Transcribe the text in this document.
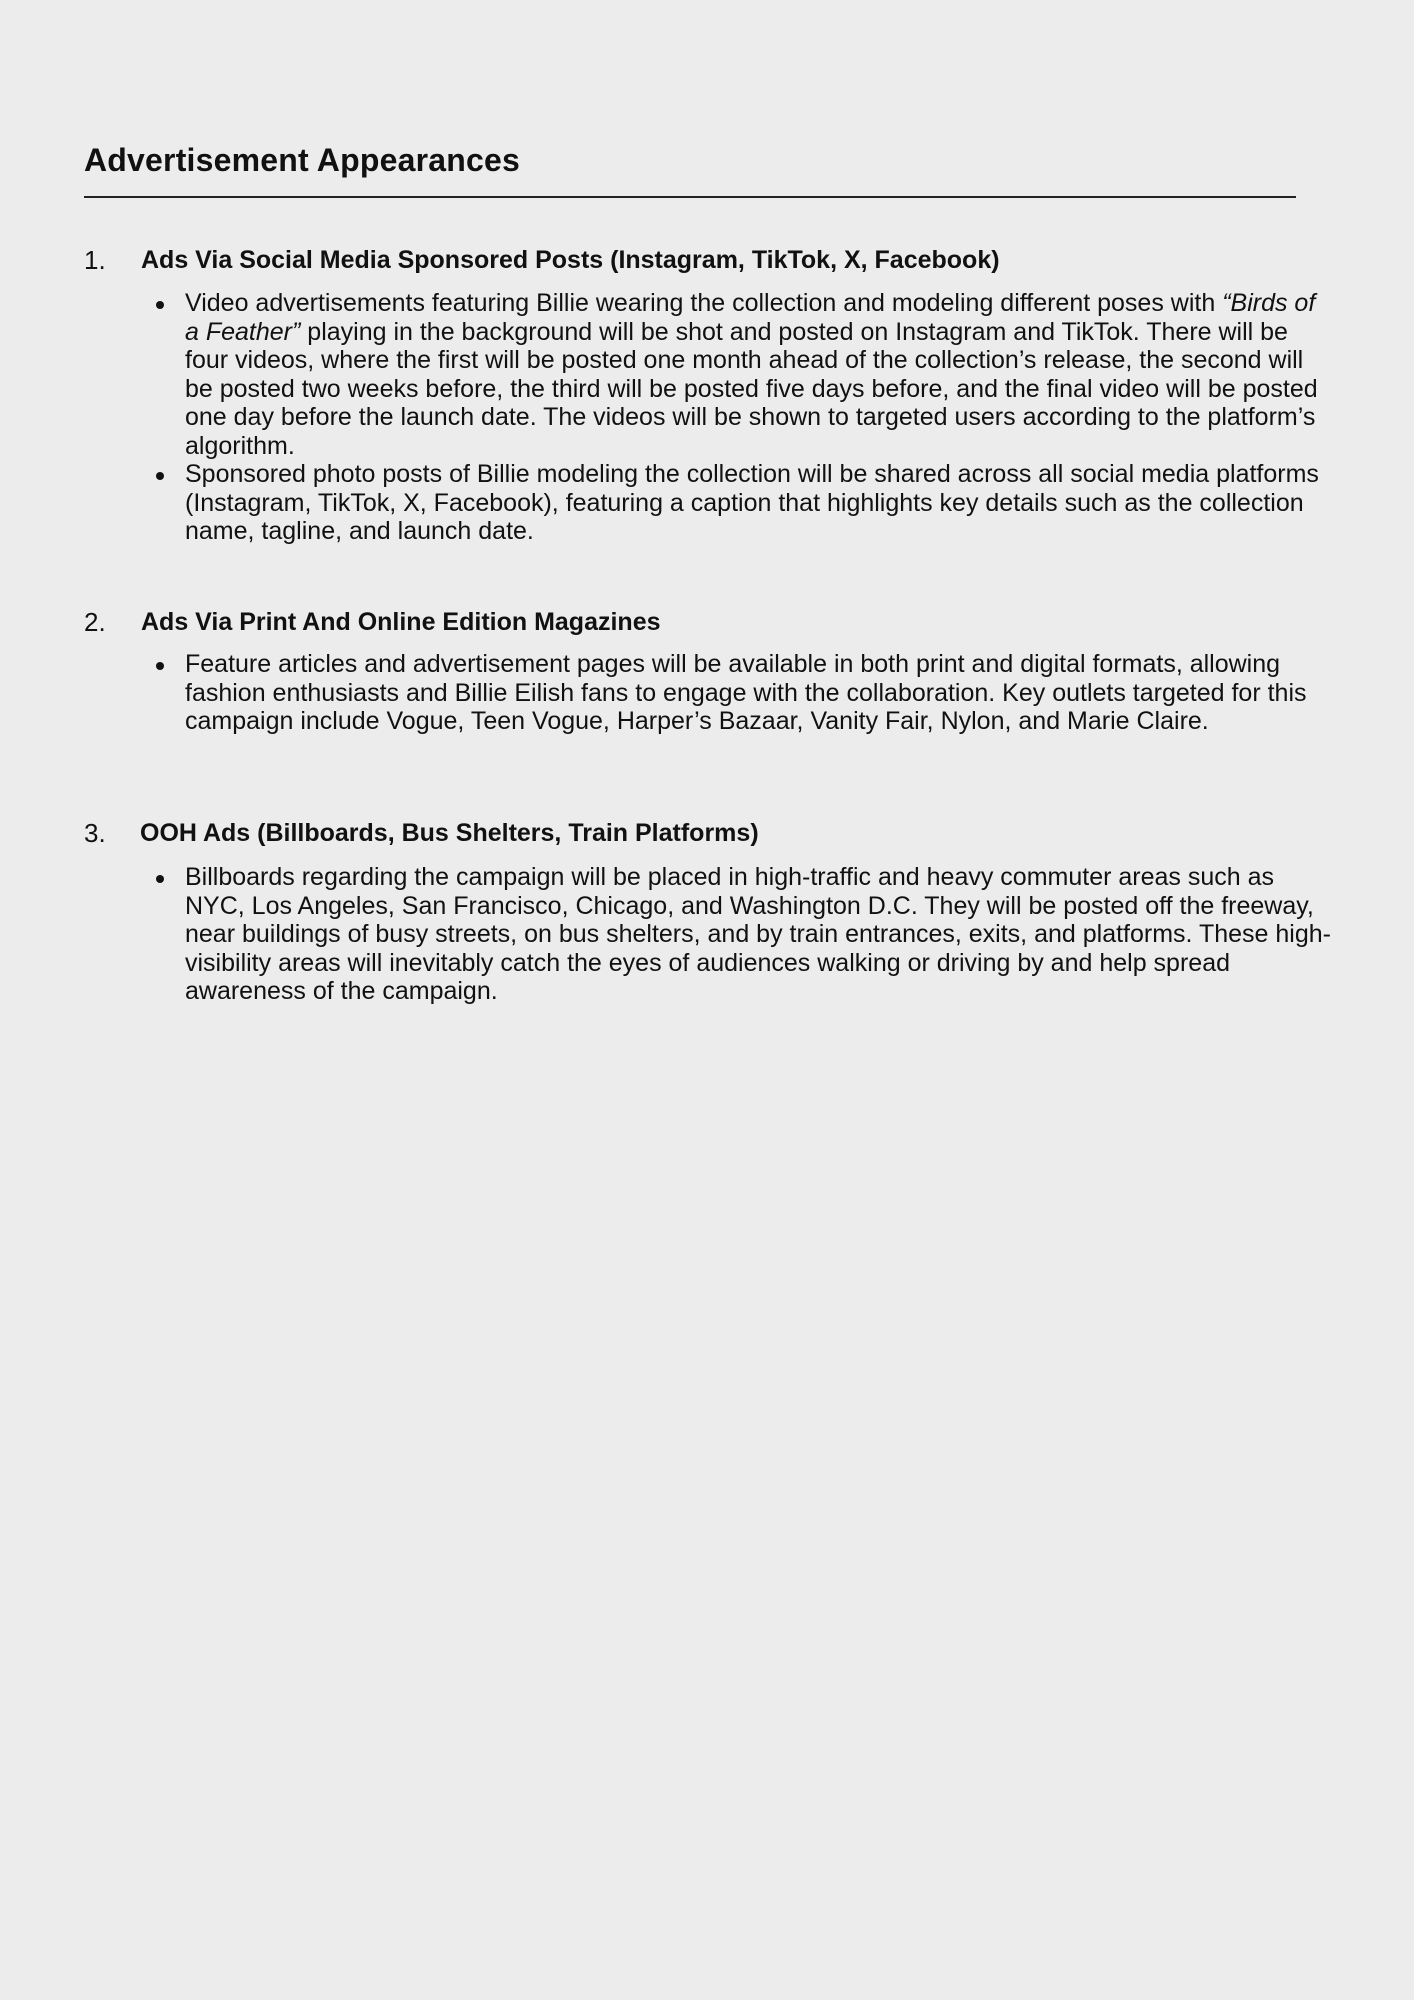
Advertisement Appearances
1. Ads Via Social Media Sponsored Posts (Instagram, TikTok, X, Facebook)
Video advertisements featuring Billie wearing the collection and modeling different poses with “Birds of a Feather” playing in the background will be shot and posted on Instagram and TikTok. There will be four videos, where the first will be posted one month ahead of the collection’s release, the second will be posted two weeks before, the third will be posted five days before, and the final video will be posted one day before the launch date. The videos will be shown to targeted users according to the platform’s algorithm.
Sponsored photo posts of Billie modeling the collection will be shared across all social media platforms (Instagram, TikTok, X, Facebook), featuring a caption that highlights key details such as the collection name, tagline, and launch date.
2. Ads Via Print And Online Edition Magazines
Feature articles and advertisement pages will be available in both print and digital formats, allowing fashion enthusiasts and Billie Eilish fans to engage with the collaboration. Key outlets targeted for this campaign include Vogue, Teen Vogue, Harper’s Bazaar, Vanity Fair, Nylon, and Marie Claire.
3. OOH Ads (Billboards, Bus Shelters, Train Platforms)
Billboards regarding the campaign will be placed in high-traffic and heavy commuter areas such as NYC, Los Angeles, San Francisco, Chicago, and Washington D.C. They will be posted off the freeway, near buildings of busy streets, on bus shelters, and by train entrances, exits, and platforms. These high-visibility areas will inevitably catch the eyes of audiences walking or driving by and help spread awareness of the campaign.
